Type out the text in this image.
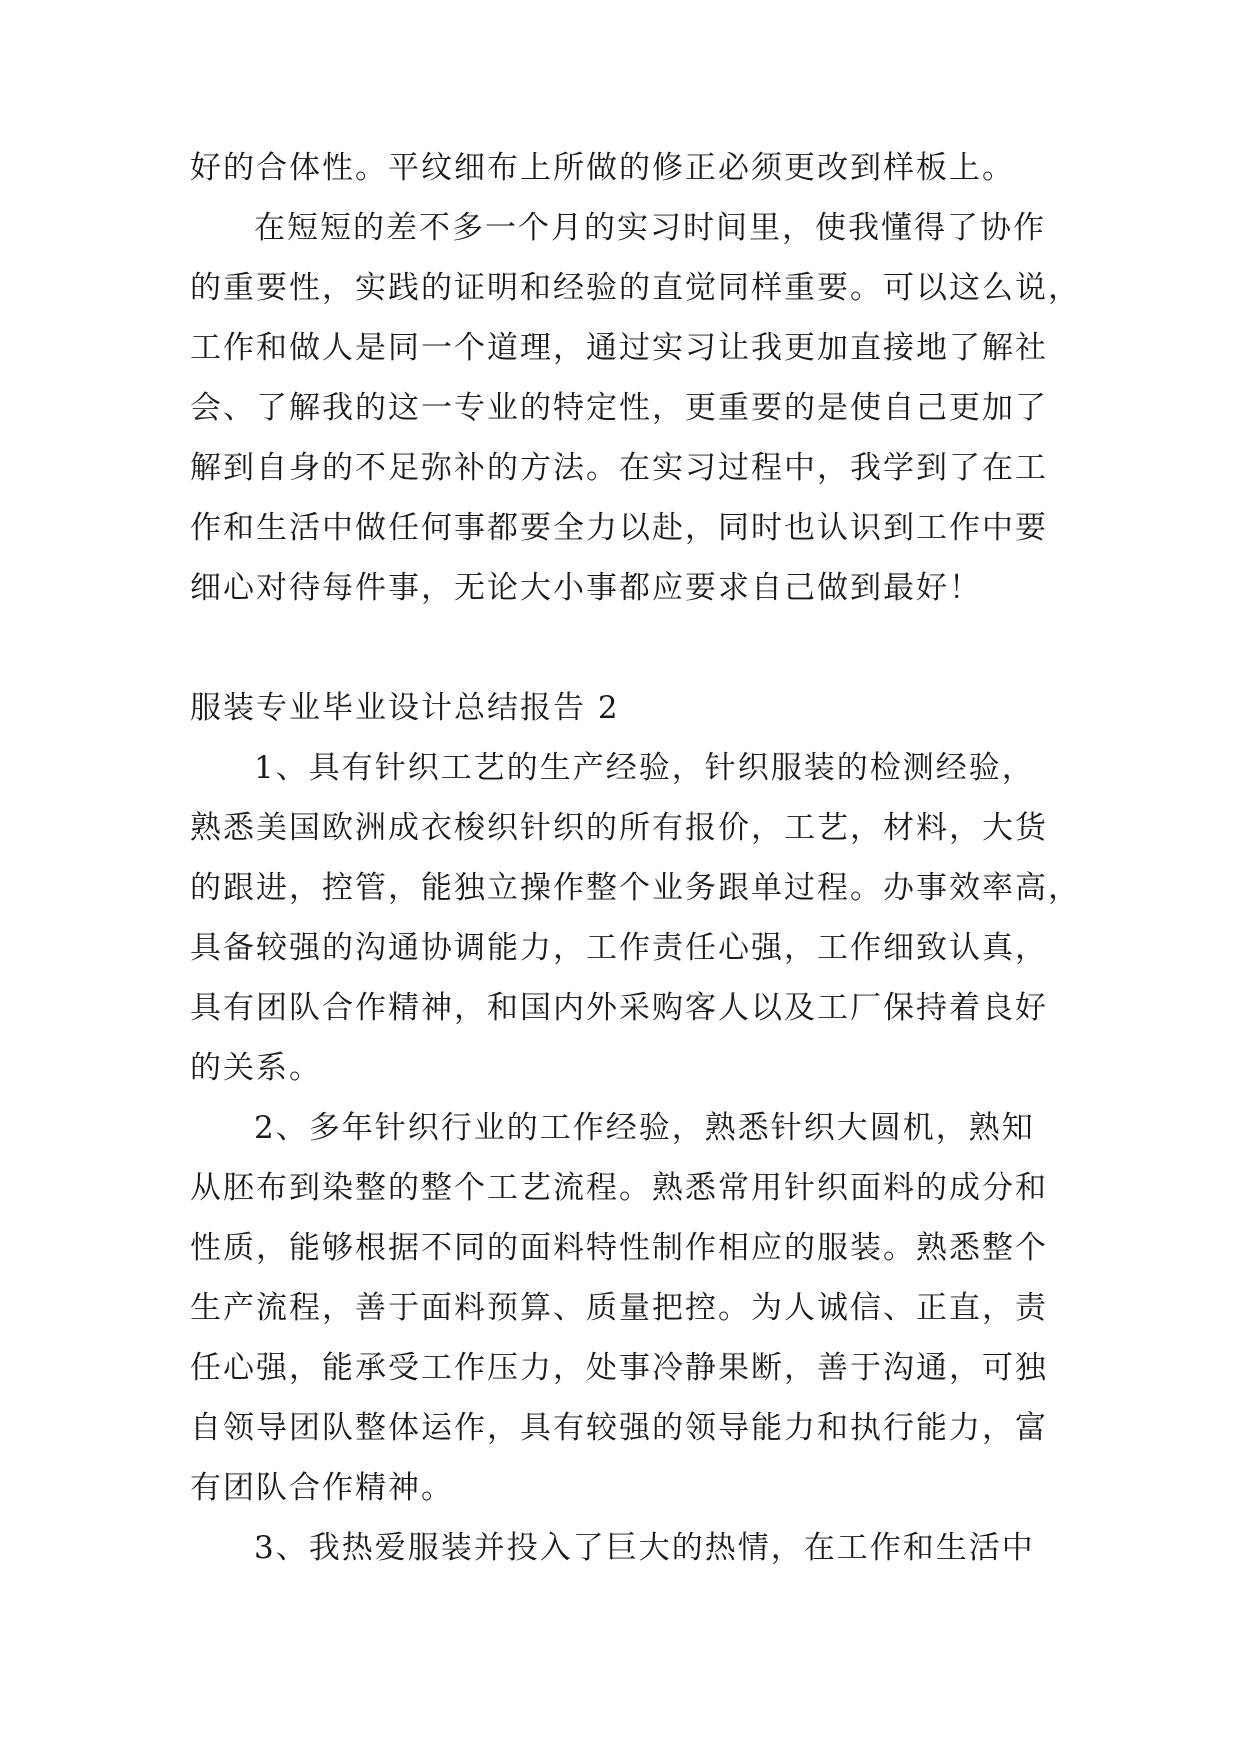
好的合体性。平纹细布上所做的修正必须更改到样板上。
在短短的差不多一个月的实习时间里，使我懂得了协作
的重要性，实践的证明和经验的直觉同样重要。可以这么说，
工作和做人是同一个道理，通过实习让我更加直接地了解社
会、了解我的这一专业的特定性，更重要的是使自己更加了
解到自身的不足弥补的方法。在实习过程中，我学到了在工
作和生活中做任何事都要全力以赴，同时也认识到工作中要
细心对待每件事，无论大小事都应要求自己做到最好！
服装专业毕业设计总结报告 2
1、具有针织工艺的生产经验，针织服装的检测经验，
熟悉美国欧洲成衣梭织针织的所有报价，工艺，材料，大货
的跟进，控管，能独立操作整个业务跟单过程。办事效率高，
具备较强的沟通协调能力，工作责任心强，工作细致认真，
具有团队合作精神，和国内外采购客人以及工厂保持着良好
的关系。
2、多年针织行业的工作经验，熟悉针织大圆机，熟知
从胚布到染整的整个工艺流程。熟悉常用针织面料的成分和
性质，能够根据不同的面料特性制作相应的服装。熟悉整个
生产流程，善于面料预算、质量把控。为人诚信、正直，责
任心强，能承受工作压力，处事冷静果断，善于沟通，可独
自领导团队整体运作，具有较强的领导能力和执行能力，富
有团队合作精神。
3、我热爱服装并投入了巨大的热情，在工作和生活中
